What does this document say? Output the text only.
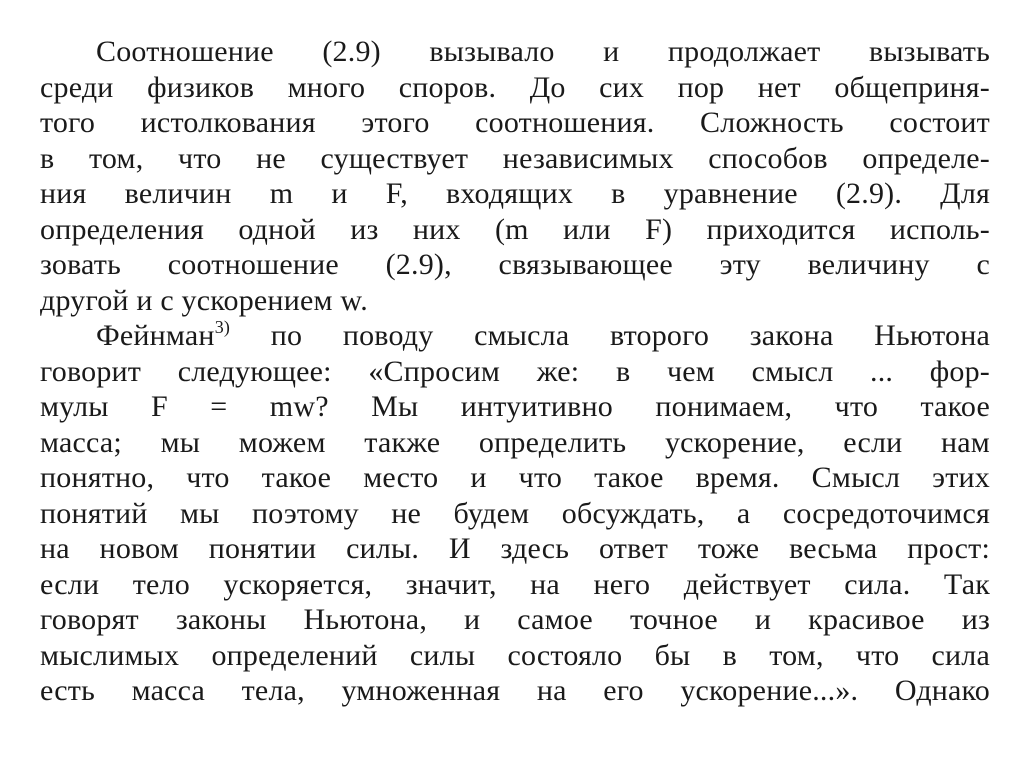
Соотношение (2.9) вызывало и продолжает вызывать
среди физиков много споров. До сих пор нет общеприня-
того истолкования этого соотношения. Сложность состоит
в том, что не существует независимых способов определе-
ния величин m и F, входящих в уравнение (2.9). Для
определения одной из них (m или F) приходится исполь-
зовать соотношение (2.9), связывающее эту величину с
другой и с ускорением w.
Фейнман$^{3)}$ по поводу смысла второго закона Ньютона
говорит следующее: «Спросим же: в чем смысл ... фор-
мулы F = mw? Мы интуитивно понимаем, что такое
масса; мы можем также определить ускорение, если нам
понятно, что такое место и что такое время. Смысл этих
понятий мы поэтому не будем обсуждать, а сосредоточимся
на новом понятии силы. И здесь ответ тоже весьма прост:
если тело ускоряется, значит, на него действует сила. Так
говорят законы Ньютона, и самое точное и красивое из
мыслимых определений силы состояло бы в том, что сила
есть масса тела, умноженная на его ускорение...». Однако
